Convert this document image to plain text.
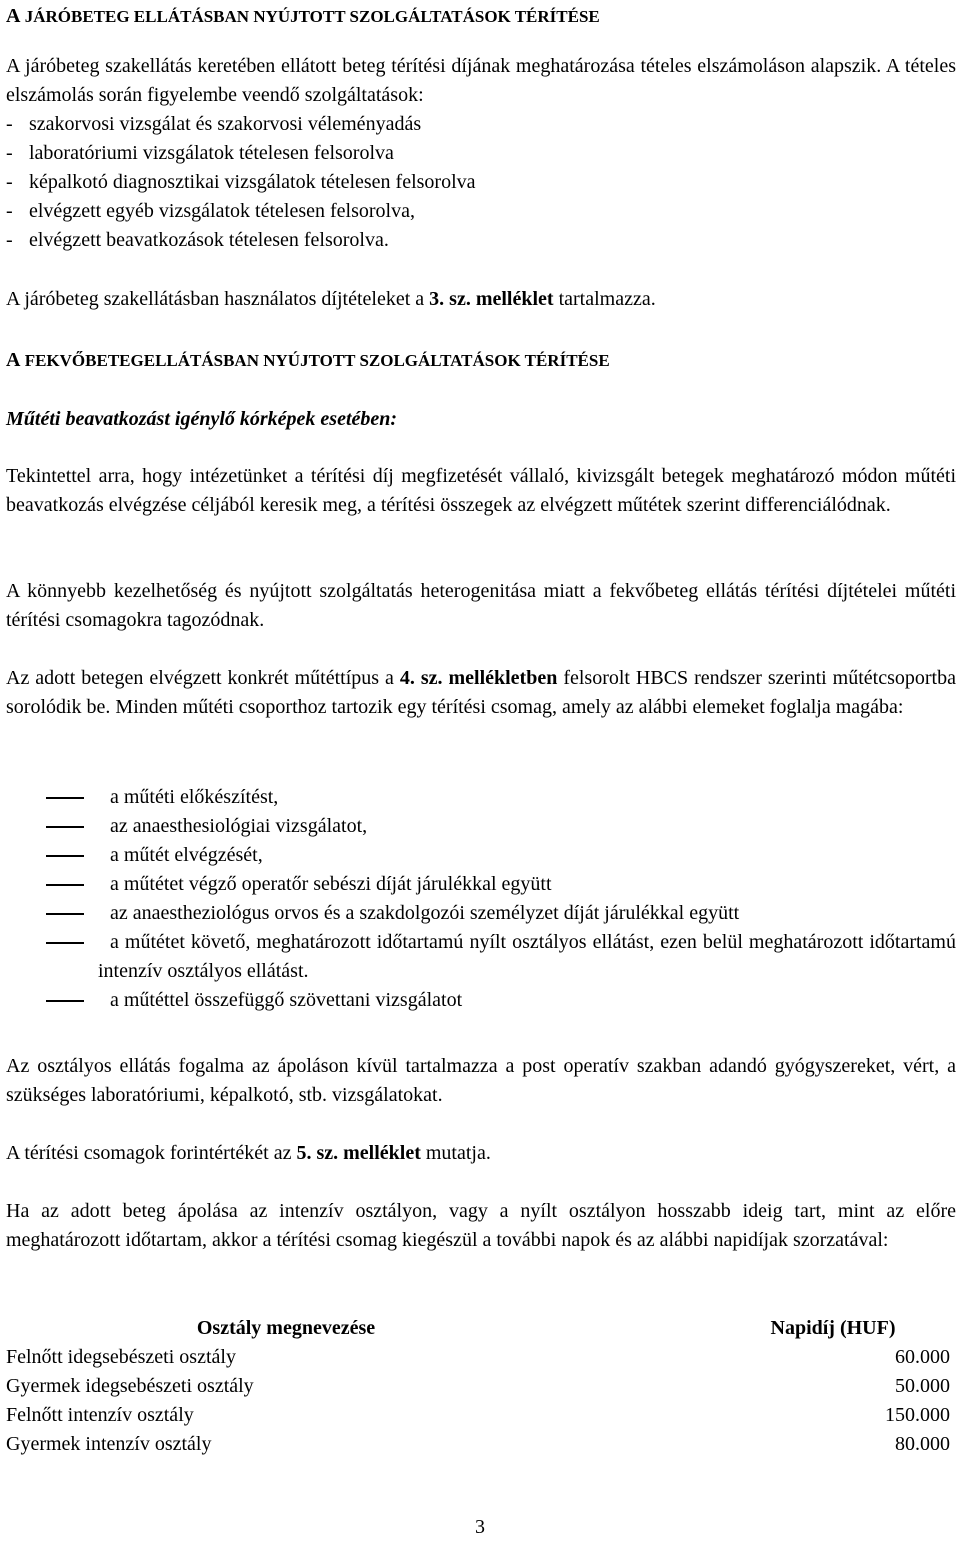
A JÁRÓBETEG ELLÁTÁSBAN NYÚJTOTT SZOLGÁLTATÁSOK TÉRÍTÉSE

A járóbeteg szakellátás keretében ellátott beteg térítési díjának meghatározása tételes elszámoláson alapszik. A tételes elszámolás során figyelembe veendő szolgáltatások:

- szakorvosi vizsgálat és szakorvosi véleményadás
- laboratóriumi vizsgálatok tételesen felsorolva
- képalkotó diagnosztikai vizsgálatok tételesen felsorolva
- elvégzett egyéb vizsgálatok tételesen felsorolva,
- elvégzett beavatkozások tételesen felsorolva.

A járóbeteg szakellátásban használatos díjtételeket a 3. sz. melléklet tartalmazza.

A FEKVŐBETEGELLÁTÁSBAN NYÚJTOTT SZOLGÁLTATÁSOK TÉRÍTÉSE

Műtéti beavatkozást igénylő kórképek esetében:

Tekintettel arra, hogy intézetünket a térítési díj megfizetését vállaló, kivizsgált betegek meghatározó módon műtéti beavatkozás elvégzése céljából keresik meg, a térítési összegek az elvégzett műtétek szerint differenciálódnak.

A könnyebb kezelhetőség és nyújtott szolgáltatás heterogenitása miatt a fekvőbeteg ellátás térítési díjtételei műtéti térítési csomagokra tagozódnak.

Az adott betegen elvégzett konkrét műtéttípus a 4. sz. mellékletben felsorolt HBCS rendszer szerinti műtétcsoportba sorolódik be. Minden műtéti csoporthoz tartozik egy térítési csomag, amely az alábbi elemeket foglalja magába:

a műtéti előkészítést,
az anaesthesiológiai vizsgálatot,
a műtét elvégzését,
a műtétet végző operatőr sebészi díját járulékkal együtt
az anaestheziológus orvos és a szakdolgozói személyzet díját járulékkal együtt
a műtétet követő, meghatározott időtartamú nyílt osztályos ellátást, ezen belül meghatározott időtartamú intenzív osztályos ellátást.
a műtéttel összefüggő szövettani vizsgálatot

Az osztályos ellátás fogalma az ápoláson kívül tartalmazza a post operatív szakban adandó gyógyszereket, vért, a szükséges laboratóriumi, képalkotó, stb. vizsgálatokat.

A térítési csomagok forintértékét az 5. sz. melléklet mutatja.

Ha az adott beteg ápolása az intenzív osztályon, vagy a nyílt osztályon hosszabb ideig tart, mint az előre meghatározott időtartam, akkor a térítési csomag kiegészül a további napok és az alábbi napidíjak szorzatával:

Osztály megnevezése	Napidíj (HUF)
Felnőtt idegsebészeti osztály	60.000
Gyermek idegsebészeti osztály	50.000
Felnőtt intenzív osztály	150.000
Gyermek intenzív osztály	80.000
3
